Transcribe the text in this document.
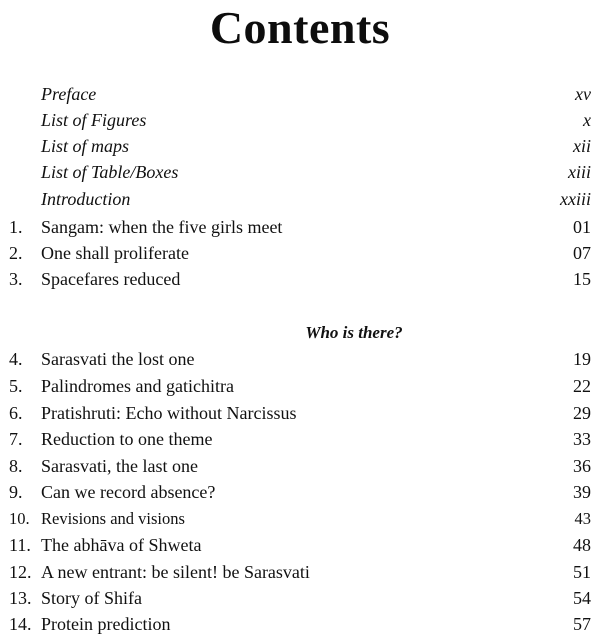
Contents
Preface	xv
List of Figures	x
List of maps	xii
List of Table/Boxes	xiii
Introduction	xxiii
1. Sangam: when the five girls meet	01
2. One shall proliferate	07
3. Spacefares reduced	15
Who is there?
4. Sarasvati the lost one	19
5. Palindromes and gatichitra	22
6. Pratishruti: Echo without Narcissus	29
7. Reduction to one theme	33
8. Sarasvati, the last one	36
9. Can we record absence?	39
10. Revisions and visions	43
11. The abhāva of Shweta	48
12. A new entrant: be silent! be Sarasvati	51
13. Story of Shifa	54
14. Protein prediction	57
